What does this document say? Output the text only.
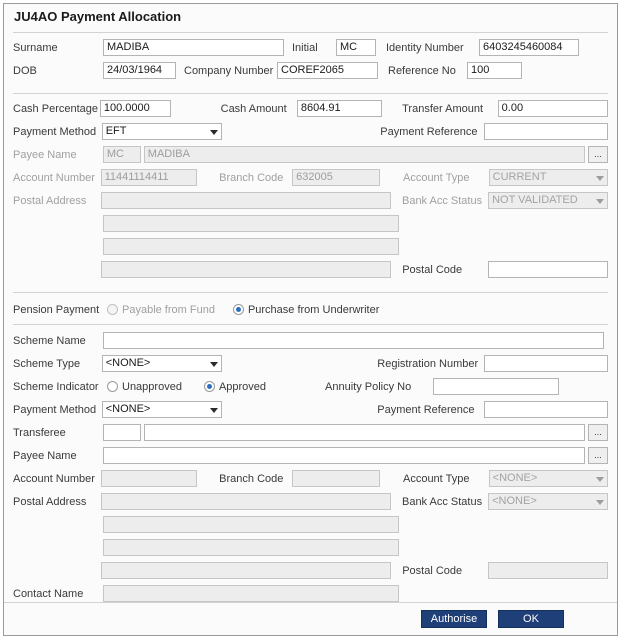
JU4AO Payment Allocation
Surname	MADIBA	Initial	MC	Identity Number	6403245460084
DOB	24/03/1964	Company Number COREF2065	Reference No	100
Cash Percentage 100.0000	Cash Amount	8604.91	Transfer Amount	0.00
Payment Method EFT	Payment Reference
Payee Name	MC	MADIBA	...
Account Number 11441114411	Branch Code	632005	Account Type	CURRENT
Postal Address	Bank Acc Status NOT VALIDATED
Postal Code
Pension Payment	Payable from Fund	Purchase from Underwriter
Scheme Name
Scheme Type	<NONE>	Registration Number
Scheme Indicator	Unapproved	Approved	Annuity Policy No
Payment Method <NONE>	Payment Reference
Transferee	...
Payee Name	...
Account Number	Branch Code	Account Type	<NONE>
Postal Address	Bank Acc Status <NONE>
Postal Code
Contact Name
Authorise	OK
